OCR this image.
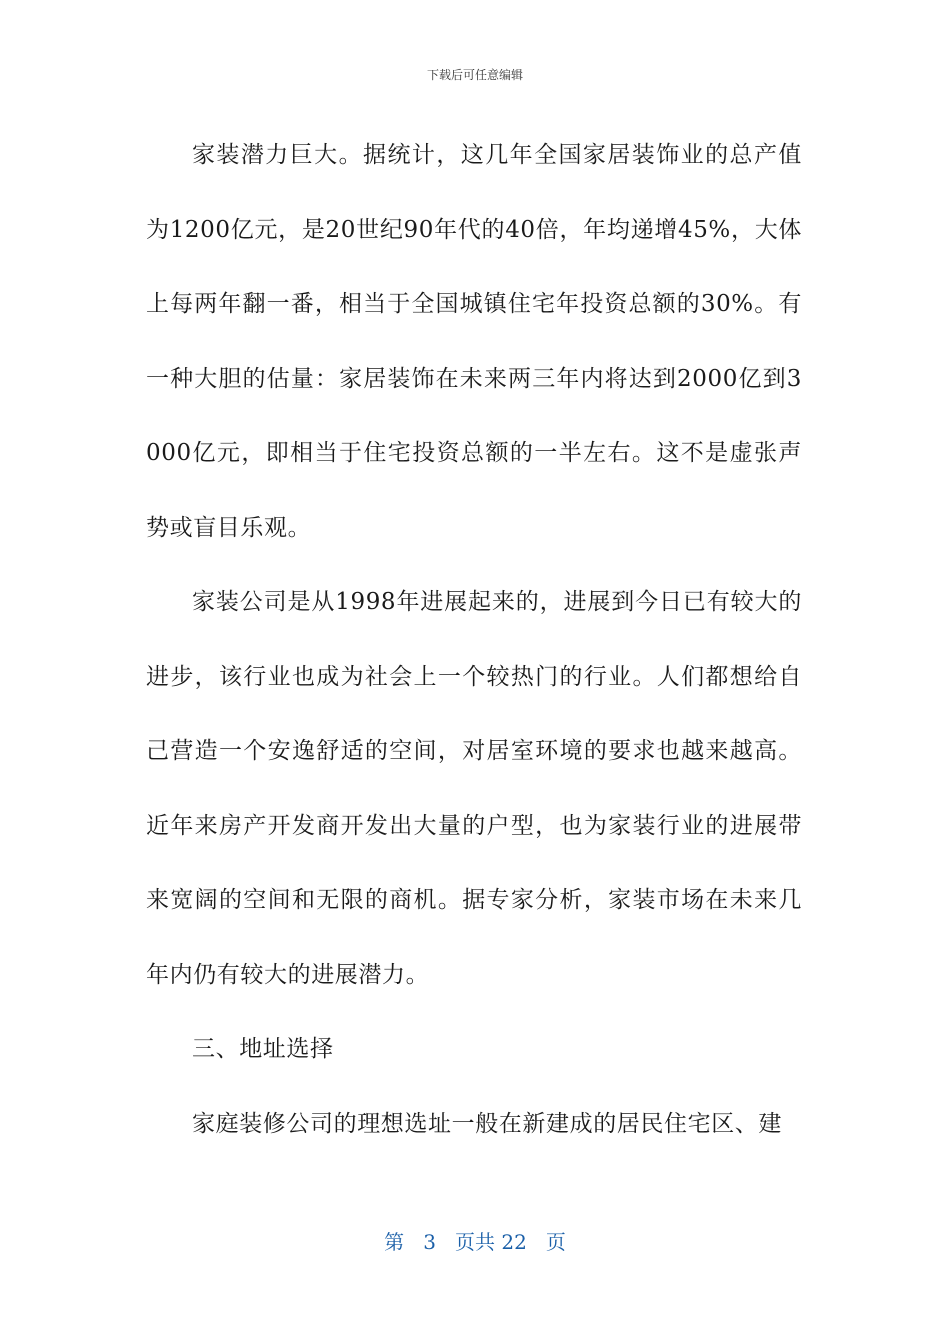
下载后可任意编辑

家装潜力巨大。据统计，这几年全国家居装饰业的总产值为1200亿元，是20世纪90年代的40倍，年均递增45%，大体上每两年翻一番，相当于全国城镇住宅年投资总额的30%。有一种大胆的估量：家居装饰在未来两三年内将达到2000亿到3000亿元，即相当于住宅投资总额的一半左右。这不是虚张声势或盲目乐观。

家装公司是从1998年进展起来的，进展到今日已有较大的进步，该行业也成为社会上一个较热门的行业。人们都想给自己营造一个安逸舒适的空间，对居室环境的要求也越来越高。近年来房产开发商开发出大量的户型，也为家装行业的进展带来宽阔的空间和无限的商机。据专家分析，家装市场在未来几年内仍有较大的进展潜力。

三、地址选择

家庭装修公司的理想选址一般在新建成的居民住宅区、建

第 3 页共 22 页
